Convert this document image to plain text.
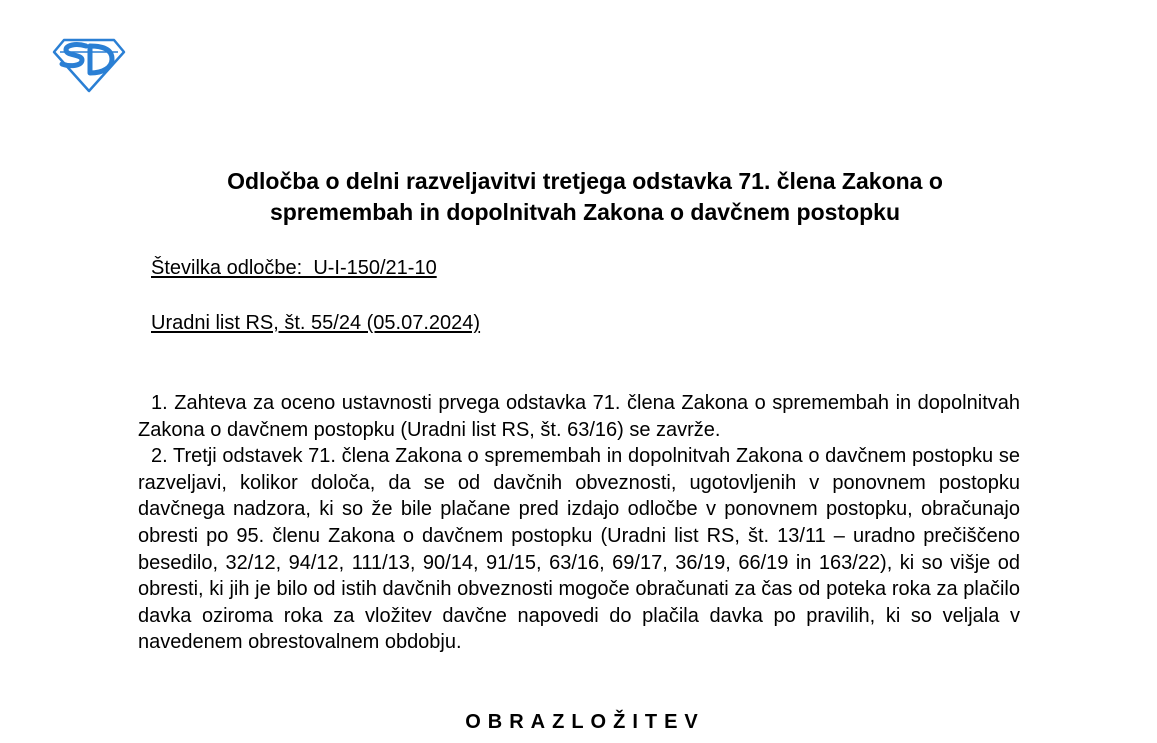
Odločba o delni razveljavitvi tretjega odstavka 71. člena Zakona o
spremembah in dopolnitvah Zakona o davčnem postopku
Številka odločbe:  U-I-150/21-10
Uradni list RS, št. 55/24 (05.07.2024)

1. Zahteva za oceno ustavnosti prvega odstavka 71. člena Zakona o spremembah in dopolnitvah Zakona o davčnem postopku (Uradni list RS, št. 63/16) se zavrže.

2. Tretji odstavek 71. člena Zakona o spremembah in dopolnitvah Zakona o davčnem postopku se razveljavi, kolikor določa, da se od davčnih obveznosti, ugotovljenih v ponovnem postopku davčnega nadzora, ki so že bile plačane pred izdajo odločbe v ponovnem postopku, obračunajo obresti po 95. členu Zakona o davčnem postopku (Uradni list RS, št. 13/11 – uradno prečiščeno besedilo, 32/12, 94/12, 111/13, 90/14, 91/15, 63/16, 69/17, 36/19, 66/19 in 163/22), ki so višje od obresti, ki jih je bilo od istih davčnih obveznosti mogoče obračunati za čas od poteka roka za plačilo davka oziroma roka za vložitev davčne napovedi do plačila davka po pravilih, ki so veljala v navedenem obrestovalnem obdobju.

OBRAZLOŽITEV
